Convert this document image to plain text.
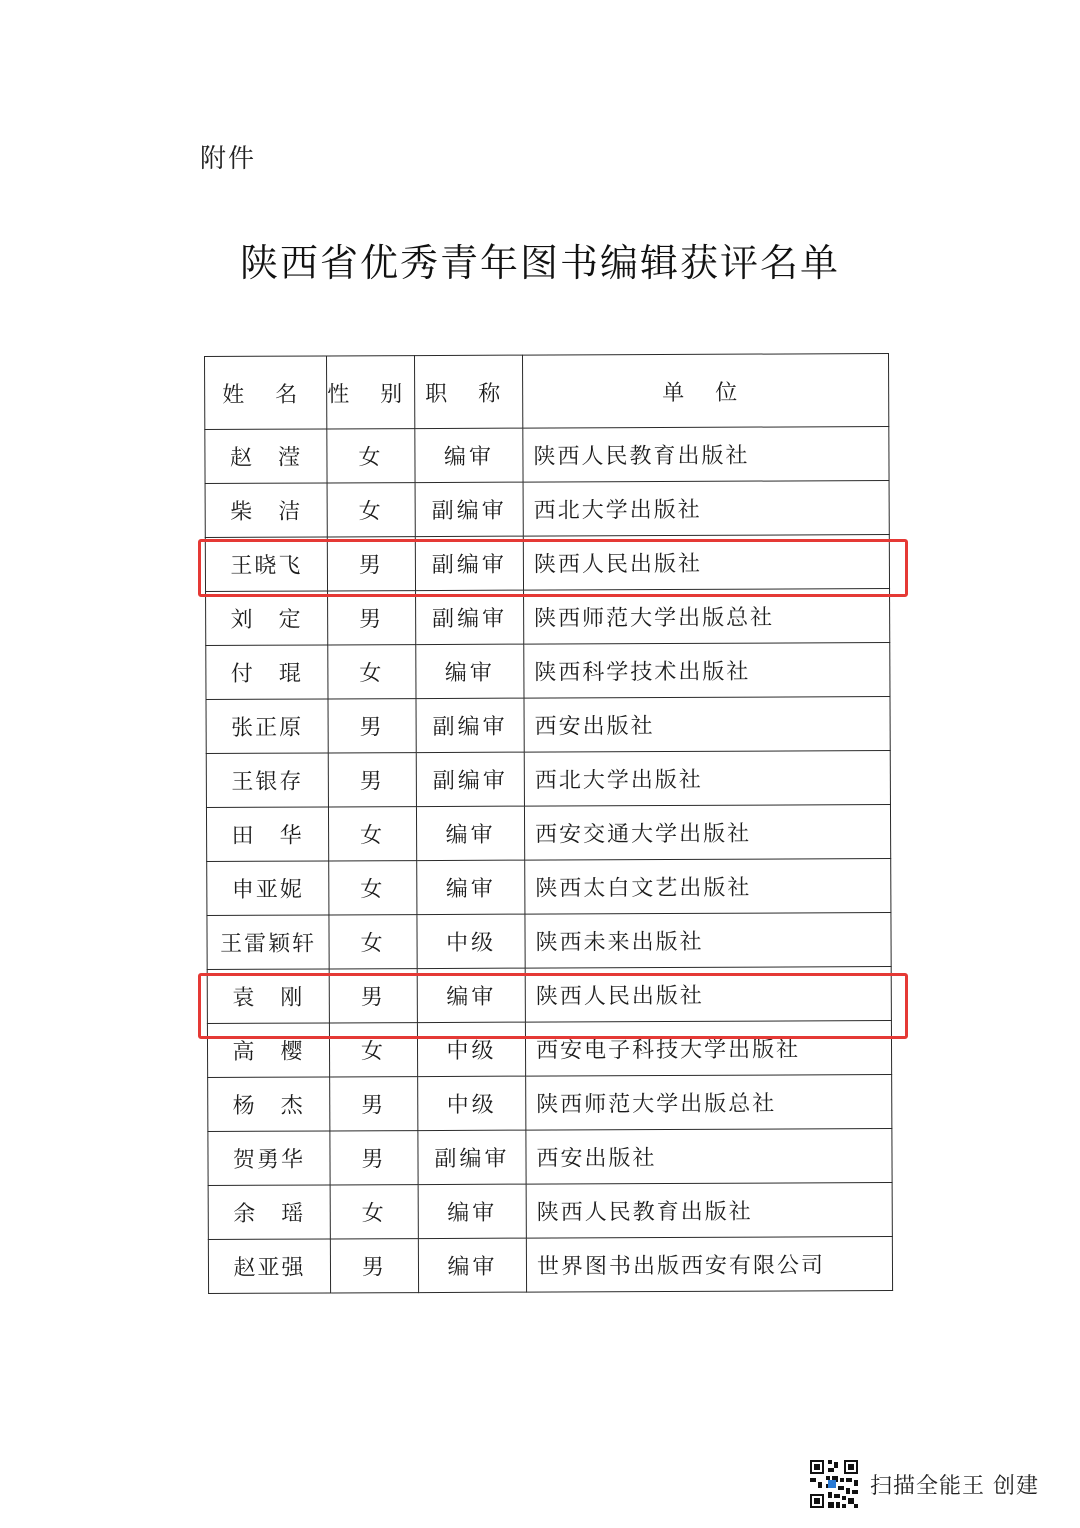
附件
陕西省优秀青年图书编辑获评名单
姓 名	性 别	职 称	单 位
赵　滢	女	编审	陕西人民教育出版社
柴　洁	女	副编审	西北大学出版社
王晓飞	男	副编审	陕西人民出版社
刘　定	男	副编审	陕西师范大学出版总社
付　琨	女	编审	陕西科学技术出版社
张正原	男	副编审	西安出版社
王银存	男	副编审	西北大学出版社
田　华	女	编审	西安交通大学出版社
申亚妮	女	编审	陕西太白文艺出版社
王雷颖轩	女	中级	陕西未来出版社
袁　刚	男	编审	陕西人民出版社
高　樱	女	中级	西安电子科技大学出版社
杨　杰	男	中级	陕西师范大学出版总社
贺勇华	男	副编审	西安出版社
余　瑶	女	编审	陕西人民教育出版社
赵亚强	男	编审	世界图书出版西安有限公司
扫描全能王 创建
